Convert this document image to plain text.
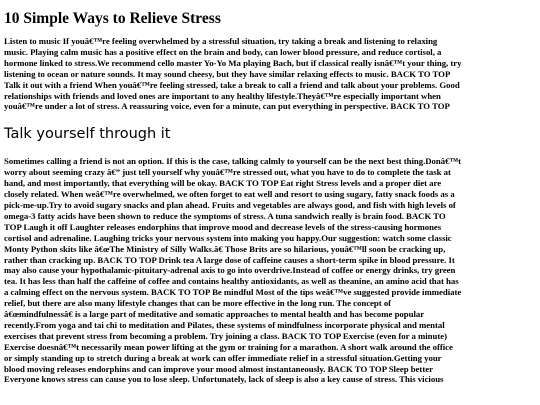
10 Simple Ways to Relieve Stress

Listen to music If youâ€™re feeling overwhelmed by a stressful situation, try taking a break and listening to relaxing
music. Playing calm music has a positive effect on the brain and body, can lower blood pressure, and reduce cortisol, a
hormone linked to stress.We recommend cello master Yo-Yo Ma playing Bach, but if classical really isnâ€™t your thing, try
listening to ocean or nature sounds. It may sound cheesy, but they have similar relaxing effects to music. BACK TO TOP
Talk it out with a friend When youâ€™re feeling stressed, take a break to call a friend and talk about your problems. Good
relationships with friends and loved ones are important to any healthy lifestyle.Theyâ€™re especially important when
youâ€™re under a lot of stress. A reassuring voice, even for a minute, can put everything in perspective. BACK TO TOP

Talk yourself through it

Sometimes calling a friend is not an option. If this is the case, talking calmly to yourself can be the next best thing.Donâ€™t
worry about seeming crazy â€” just tell yourself why youâ€™re stressed out, what you have to do to complete the task at
hand, and most importantly, that everything will be okay. BACK TO TOP Eat right Stress levels and a proper diet are
closely related. When weâ€™re overwhelmed, we often forget to eat well and resort to using sugary, fatty snack foods as a
pick-me-up.Try to avoid sugary snacks and plan ahead. Fruits and vegetables are always good, and fish with high levels of
omega-3 fatty acids have been shown to reduce the symptoms of stress. A tuna sandwich really is brain food. BACK TO
TOP Laugh it off Laughter releases endorphins that improve mood and decrease levels of the stress-causing hormones
cortisol and adrenaline. Laughing tricks your nervous system into making you happy.Our suggestion: watch some classic
Monty Python skits like â€œThe Ministry of Silly Walks.â€ Those Brits are so hilarious, youâ€™ll soon be cracking up,
rather than cracking up. BACK TO TOP Drink tea A large dose of caffeine causes a short-term spike in blood pressure. It
may also cause your hypothalamic-pituitary-adrenal axis to go into overdrive.Instead of coffee or energy drinks, try green
tea. It has less than half the caffeine of coffee and contains healthy antioxidants, as well as theanine, an amino acid that has
a calming effect on the nervous system. BACK TO TOP Be mindful Most of the tips weâ€™ve suggested provide immediate
relief, but there are also many lifestyle changes that can be more effective in the long run. The concept of
â€œmindfulnessâ€ is a large part of meditative and somatic approaches to mental health and has become popular
recently.From yoga and tai chi to meditation and Pilates, these systems of mindfulness incorporate physical and mental
exercises that prevent stress from becoming a problem. Try joining a class. BACK TO TOP Exercise (even for a minute)
Exercise doesnâ€™t necessarily mean power lifting at the gym or training for a marathon. A short walk around the office
or simply standing up to stretch during a break at work can offer immediate relief in a stressful situation.Getting your
blood moving releases endorphins and can improve your mood almost instantaneously. BACK TO TOP Sleep better
Everyone knows stress can cause you to lose sleep. Unfortunately, lack of sleep is also a key cause of stress. This vicious
